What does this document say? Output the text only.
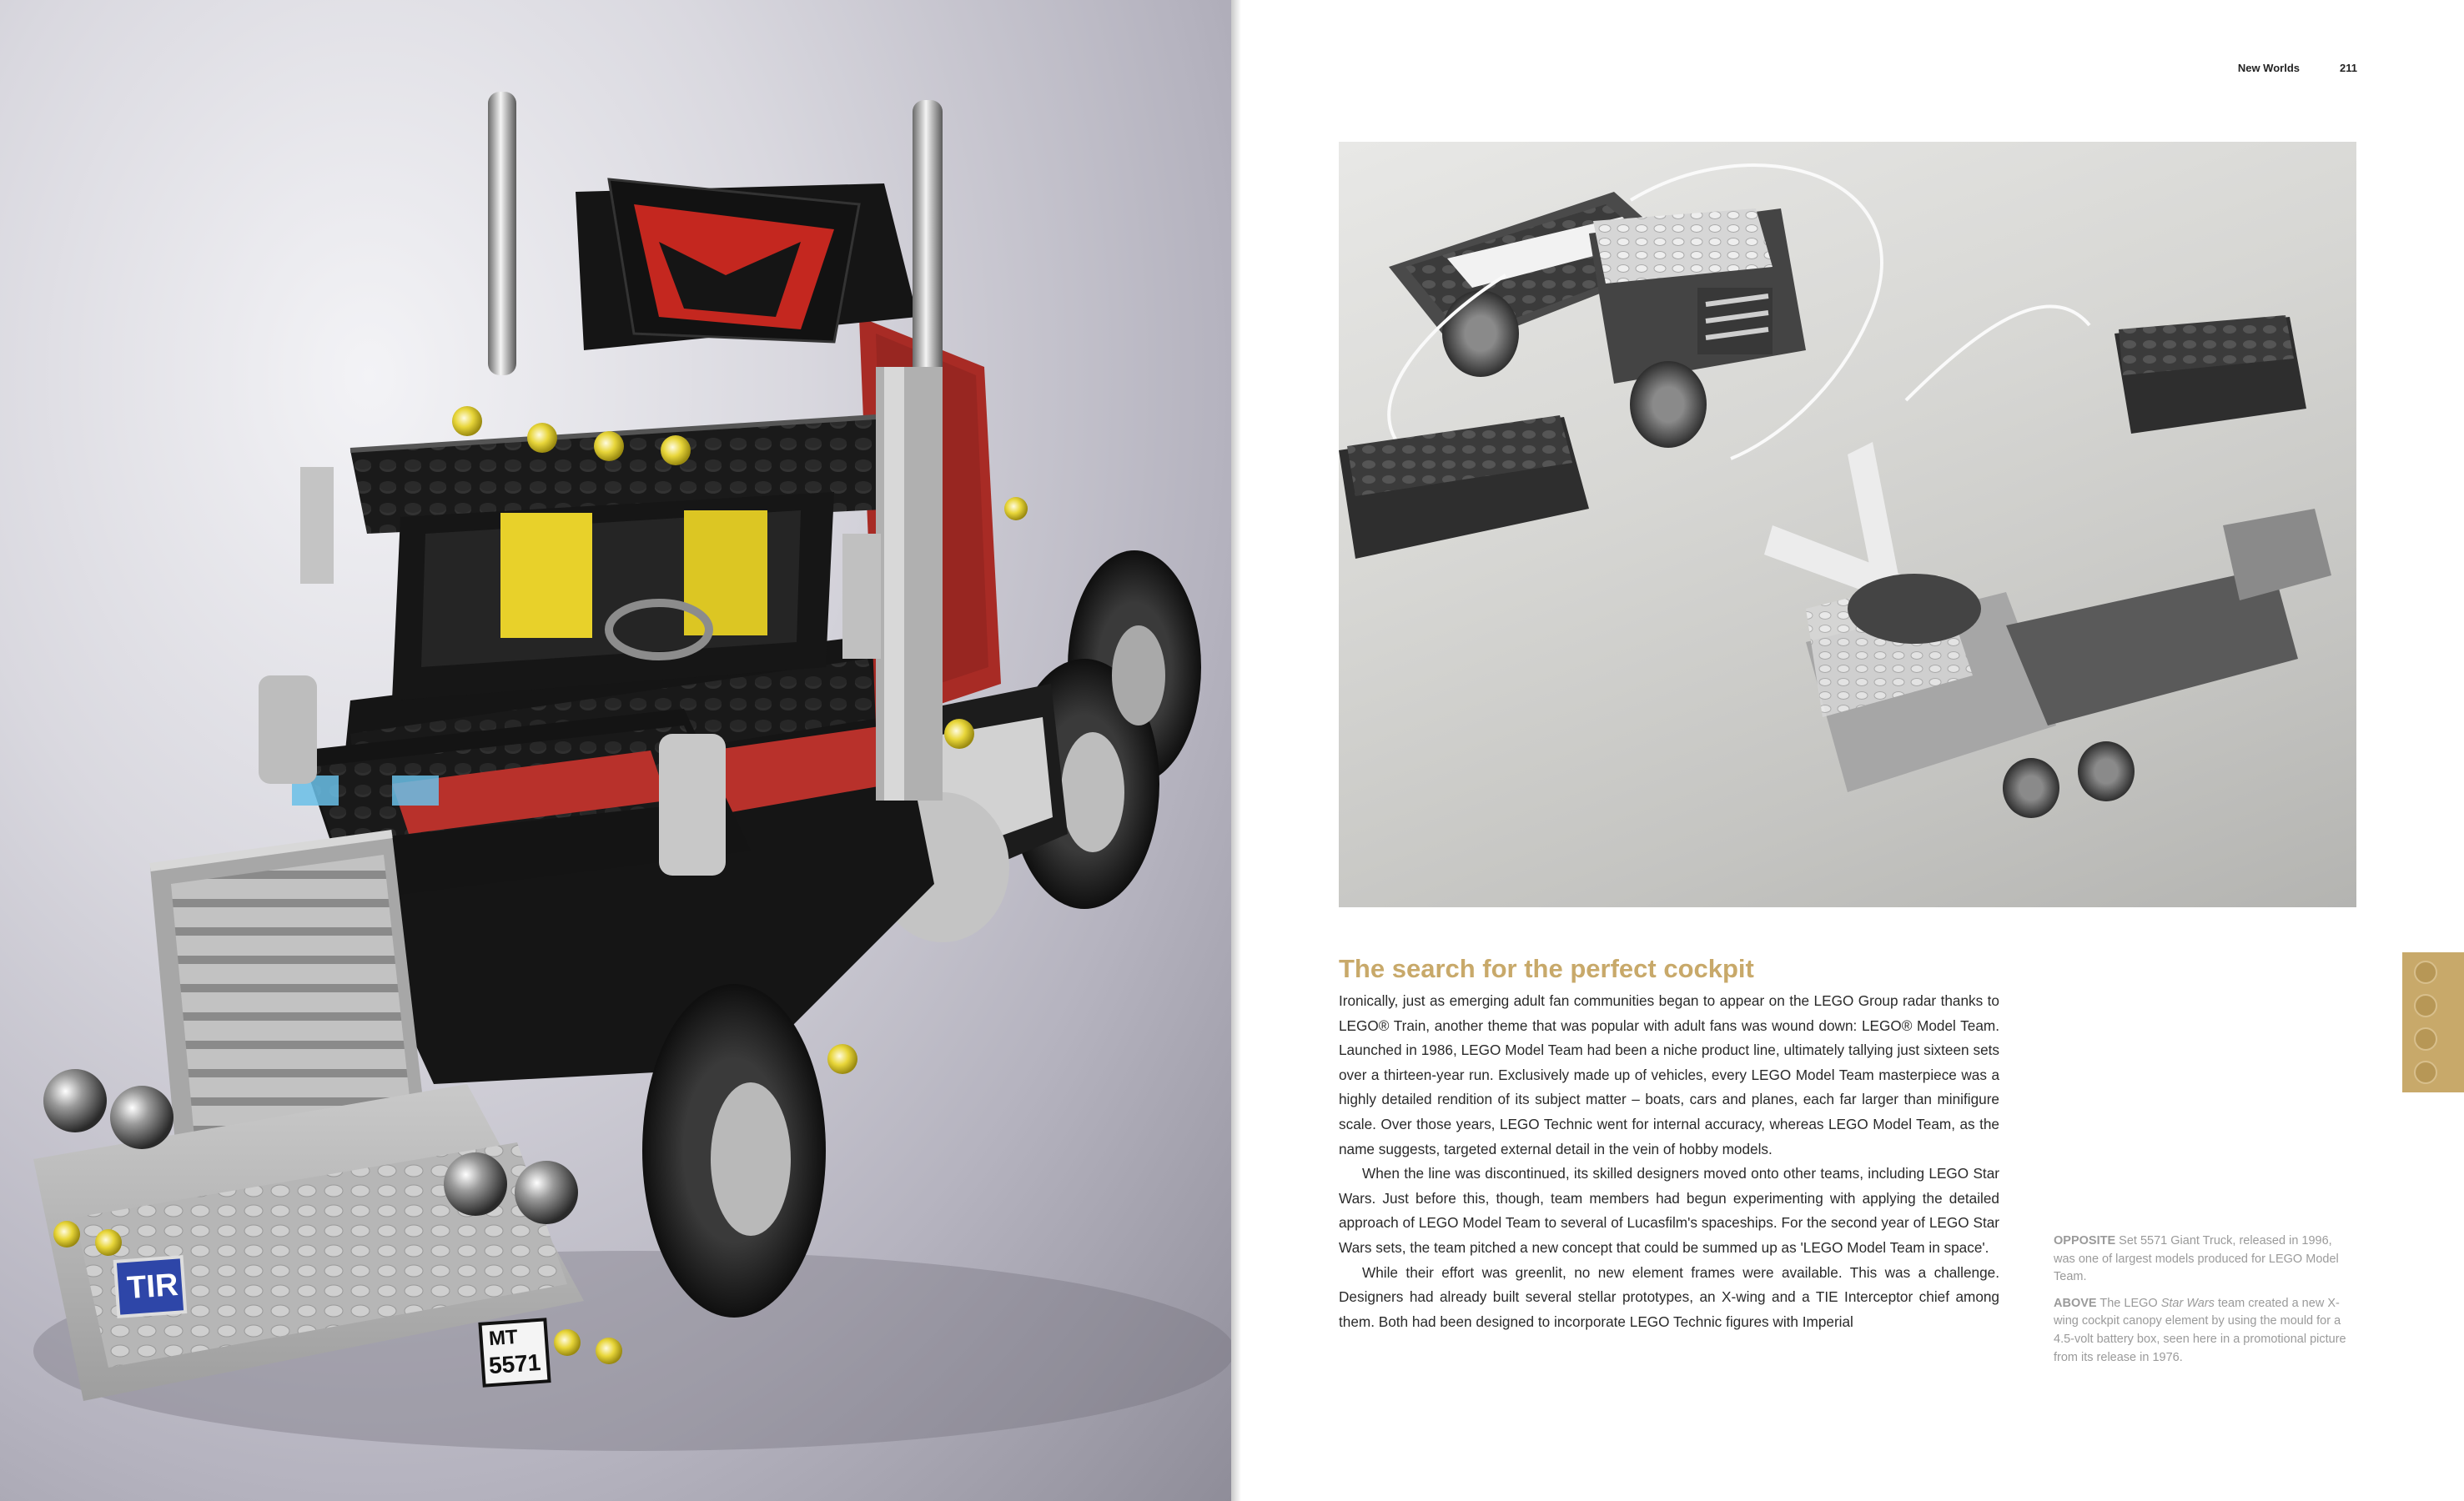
TIR
MT
5571
New Worlds	211
The search for the perfect cockpit

Ironically, just as emerging adult fan communities began to appear on the LEGO Group radar thanks to LEGO® Train, another theme that was popular with adult fans was wound down: LEGO® Model Team. Launched in 1986, LEGO Model Team had been a niche product line, ultimately tallying just sixteen sets over a thirteen-year run. Exclusively made up of vehicles, every LEGO Model Team masterpiece was a highly detailed rendition of its subject matter – boats, cars and planes, each far larger than minifigure scale. Over those years, LEGO Technic went for internal accuracy, whereas LEGO Model Team, as the name suggests, targeted external detail in the vein of hobby models.

When the line was discontinued, its skilled designers moved onto other teams, including LEGO Star Wars. Just before this, though, team members had begun experimenting with applying the detailed approach of LEGO Model Team to several of Lucasfilm's spaceships. For the second year of LEGO Star Wars sets, the team pitched a new concept that could be summed up as 'LEGO Model Team in space'.

While their effort was greenlit, no new element frames were available. This was a challenge. Designers had already built several stellar prototypes, an X-wing and a TIE Interceptor chief among them. Both had been designed to incorporate LEGO Technic figures with Imperial

OPPOSITE Set 5571 Giant Truck, released in 1996, was one of largest models produced for LEGO Model Team.

ABOVE The LEGO Star Wars team created a new X-wing cockpit canopy element by using the mould for a 4.5-volt battery box, seen here in a promotional picture from its release in 1976.
